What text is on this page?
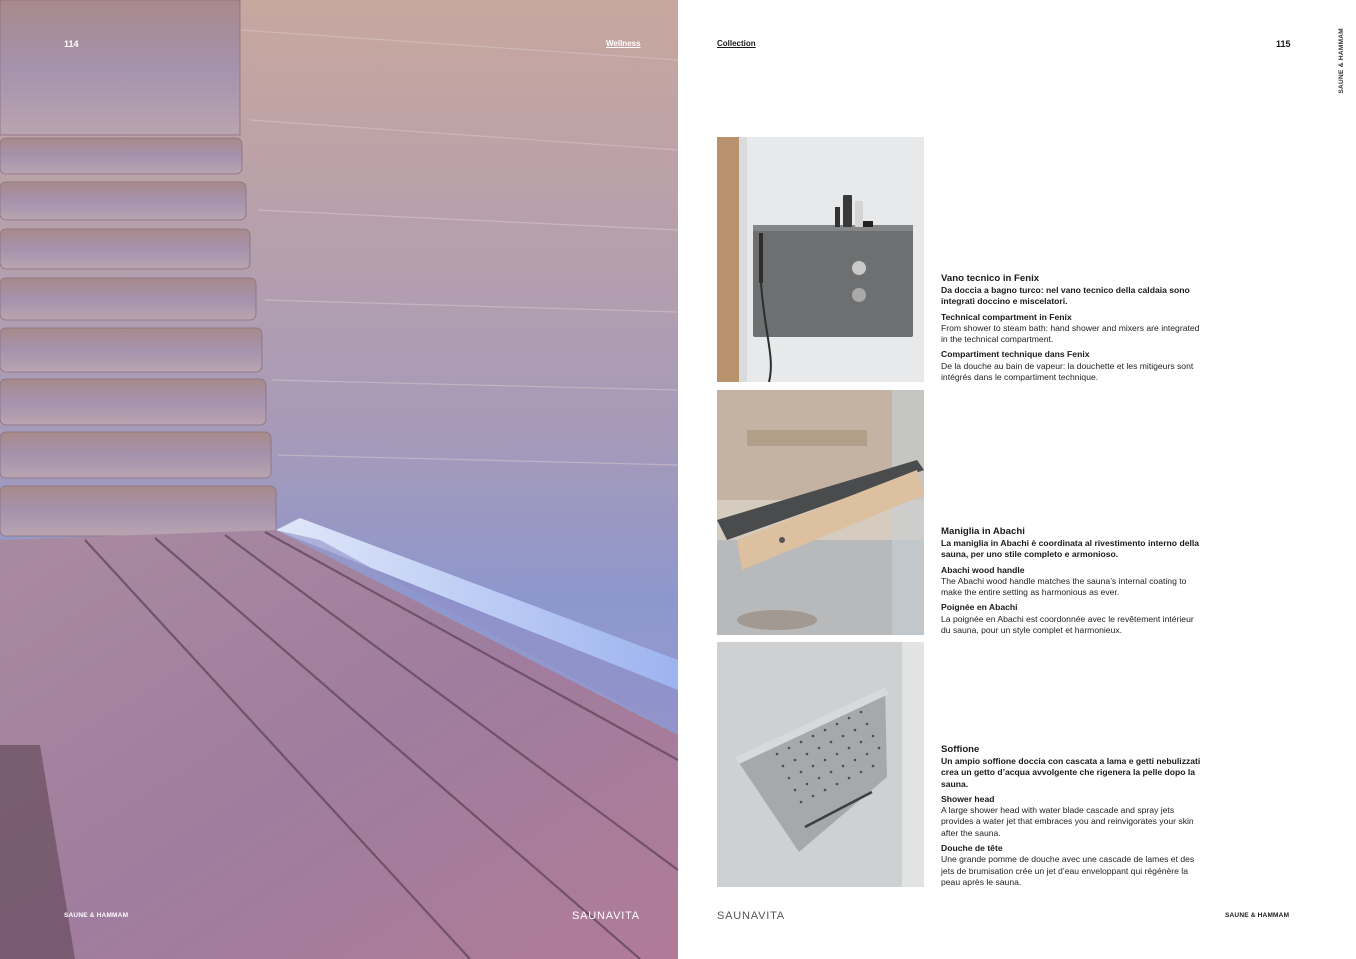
114	Wellness
SAUNE & HAMMAM	SAUNAVITA
Collection	115	SAUNE & HAMMAM
Vano tecnico in Fenix
Da doccia a bagno turco: nel vano tecnico della caldaia sono integrati doccino e miscelatori.
Technical compartment in Fenix
From shower to steam bath: hand shower and mixers are integrated in the technical compartment.
Compartiment technique dans Fenix
De la douche au bain de vapeur: la douchette et les mitigeurs sont intégrés dans le compartiment technique.
Maniglia in Abachi
La maniglia in Abachi è coordinata al rivestimento interno della sauna, per uno stile completo e armonioso.
Abachi wood handle
The Abachi wood handle matches the sauna’s internal coating to make the entire setting as harmonious as ever.
Poignée en Abachi
La poignée en Abachi est coordonnée avec le revêtement intérieur du sauna, pour un style complet et harmonieux.
Soffione
Un ampio soffione doccia con cascata a lama e getti nebulizzati crea un getto d’acqua avvolgente che rigenera la pelle dopo la sauna.
Shower head
A large shower head with water blade cascade and spray jets provides a water jet that embraces you and reinvigorates your skin after the sauna.
Douche de tête
Une grande pomme de douche avec une cascade de lames et des jets de brumisation crée un jet d’eau enveloppant qui régénère la peau après le sauna.
SAUNAVITA	SAUNE & HAMMAM
